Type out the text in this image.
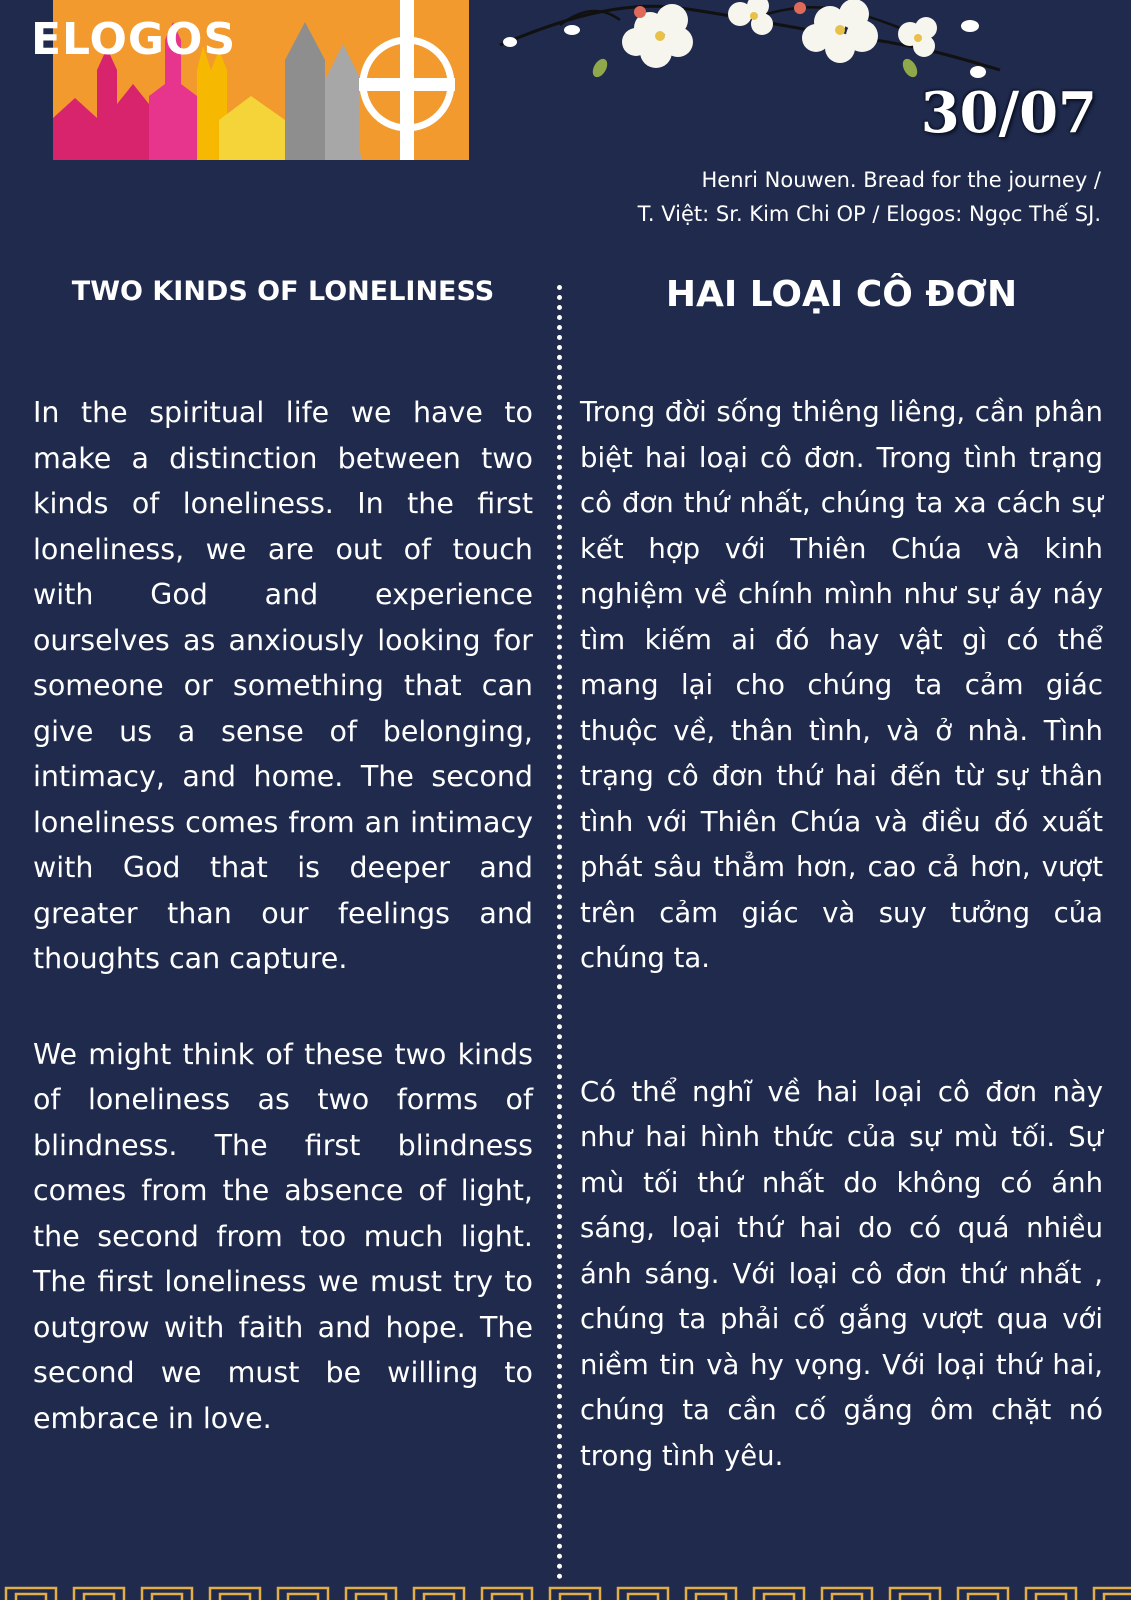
ELOGOS
30/07
Henri Nouwen. Bread for the journey /
T. Việt: Sr. Kim Chi OP / Elogos: Ngọc Thế SJ.
TWO KINDS OF LONELINESS

In the spiritual life we have to make a distinction between two kinds of loneliness. In the first loneliness, we are out of touch with God and experience ourselves as anxiously looking for someone or something that can give us a sense of belonging, intimacy, and home. The second loneliness comes from an intimacy with God that is deeper and greater than our feelings and thoughts can capture.

We might think of these two kinds of loneliness as two forms of blindness. The first blindness comes from the absence of light, the second from too much light. The first loneliness we must try to outgrow with faith and hope. The second we must be willing to embrace in love.

HAI LOẠI CÔ ĐƠN

Trong đời sống thiêng liêng, cần phân biệt hai loại cô đơn. Trong tình trạng cô đơn thứ nhất, chúng ta xa cách sự kết hợp với Thiên Chúa và kinh nghiệm về chính mình như sự áy náy tìm kiếm ai đó hay vật gì có thể mang lại cho chúng ta cảm giác thuộc về, thân tình, và ở nhà. Tình trạng cô đơn thứ hai đến từ sự thân tình với Thiên Chúa và điều đó xuất phát sâu thẳm hơn, cao cả hơn, vượt trên cảm giác và suy tưởng của chúng ta.

Có thể nghĩ về hai loại cô đơn này như hai hình thức của sự mù tối. Sự mù tối thứ nhất do không có ánh sáng, loại thứ hai do có quá nhiều ánh sáng. Với loại cô đơn thứ nhất , chúng ta phải cố gắng vượt qua với niềm tin và hy vọng. Với loại thứ hai, chúng ta cần cố gắng ôm chặt nó trong tình yêu.
